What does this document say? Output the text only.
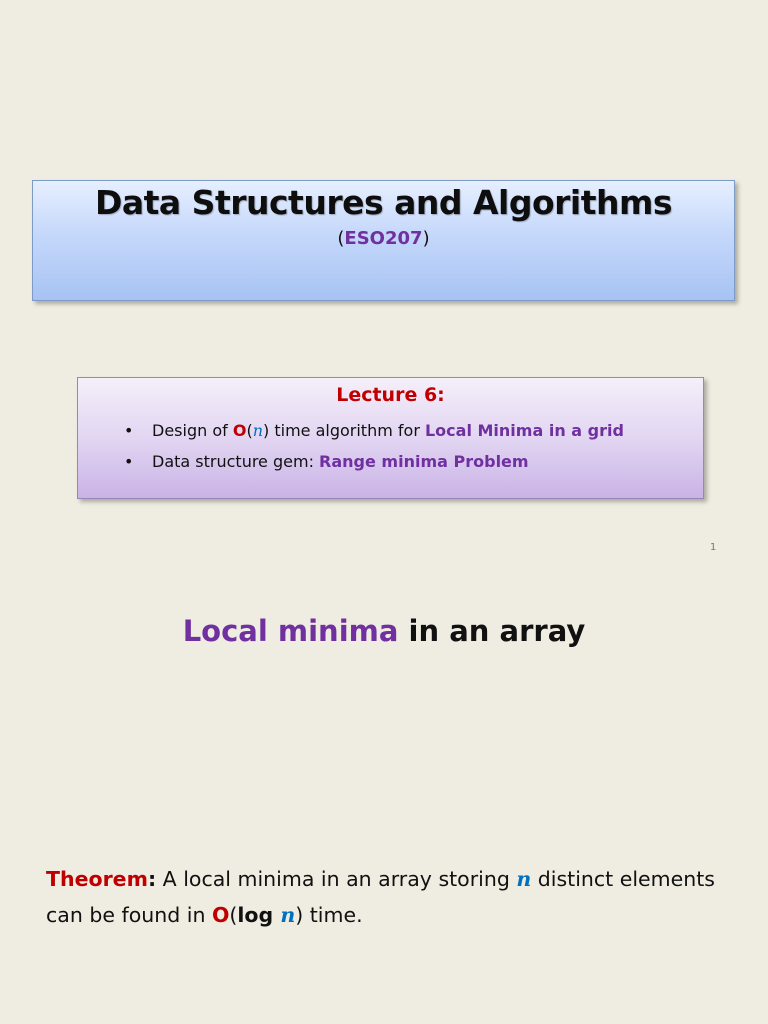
Data Structures and Algorithms
(ESO207)
Lecture 6:
• Design of O(𝑛) time algorithm for Local Minima in a grid
• Data structure gem: Range minima Problem
1
Local minima in an array
Theorem: A local minima in an array storing 𝒏 distinct elements can be found in O(log 𝒏) time.
